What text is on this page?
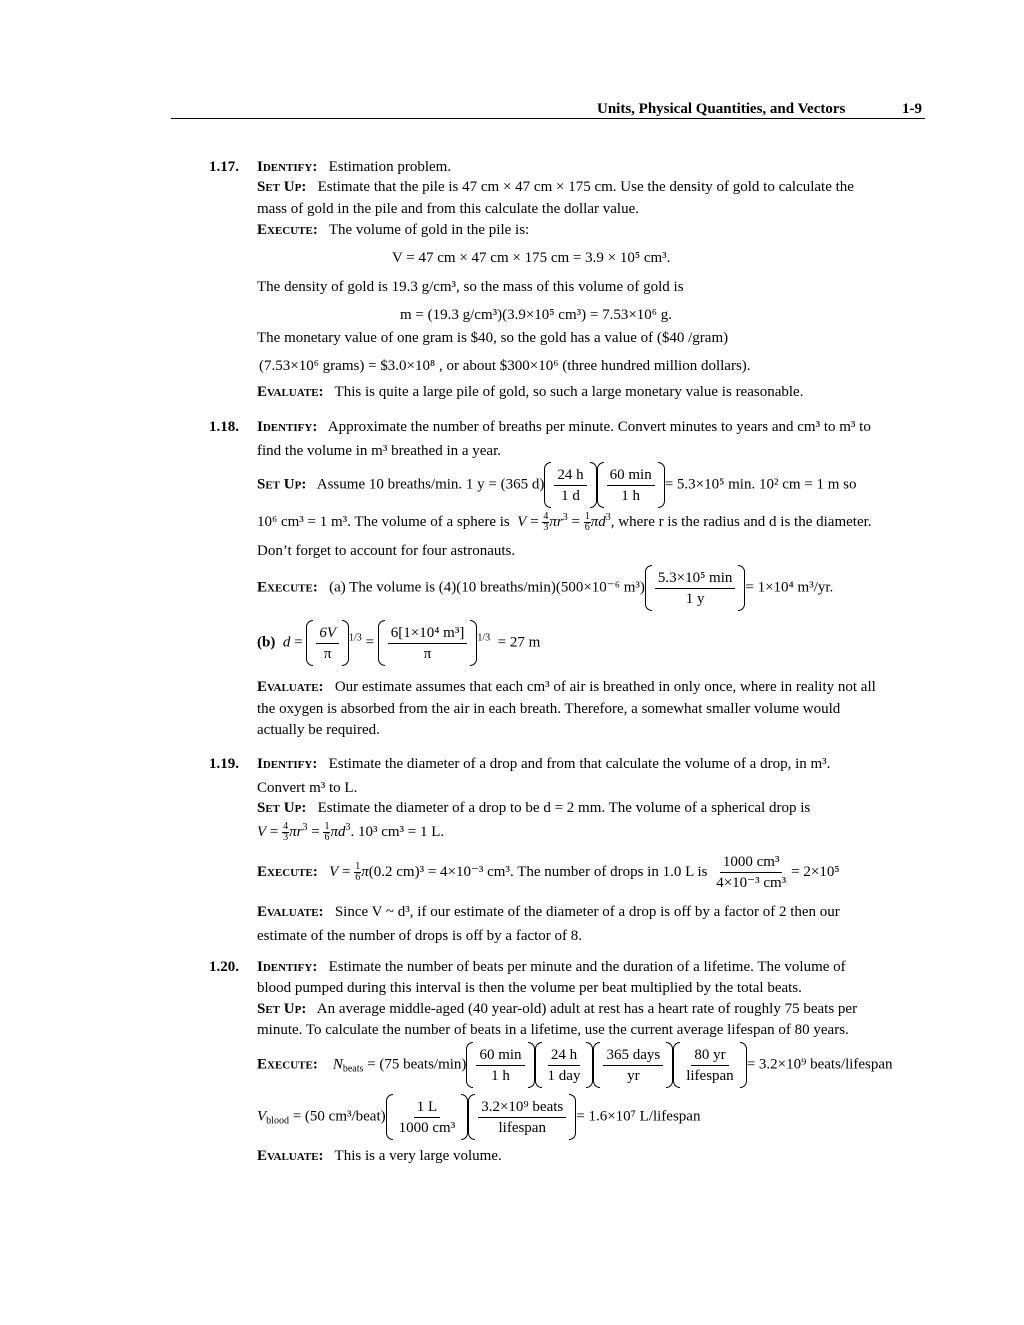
Units, Physical Quantities, and Vectors	1-9
1.17. Identify: Estimation problem.
Set Up: Estimate that the pile is 47 cm × 47 cm × 175 cm. Use the density of gold to calculate the
mass of gold in the pile and from this calculate the dollar value.
Execute: The volume of gold in the pile is:
V = 47 cm × 47 cm × 175 cm = 3.9 × 10⁵ cm³.
The density of gold is 19.3 g/cm³, so the mass of this volume of gold is
m = (19.3 g/cm³)(3.9×10⁵ cm³) = 7.53×10⁶ g.
The monetary value of one gram is $40, so the gold has a value of ($40 /gram)
(7.53×10⁶ grams) = $3.0×10⁸ , or about $300×10⁶ (three hundred million dollars).
Evaluate: This is quite a large pile of gold, so such a large monetary value is reasonable.
1.18. Identify: Approximate the number of breaths per minute. Convert minutes to years and cm³ to m³ to
find the volume in m³ breathed in a year.
Set Up: Assume 10 breaths/min. 1 y = (365 $d) \frac{24 h}{1 d} \frac{60 \min}{1 h} = 5.3\times 10^5$ min. 10² cm = 1 m so
10⁶ cm³ = 1 m³. The volume of a sphere is $V = \frac{4}{3} \pi r^3 = \frac{1}{6} \pi d^3$, where r is the radius and d is the diameter.
Don’t forget to account for four astronauts.
Execute: (a) The volume is (4)(10 breaths/min)(500×10⁻⁶ $m^3) \frac{\text{5.3×10⁵ min}}{1 y} = 1\times 10^4$ m³/yr.
(b) $d = \frac{6V}{\pi} ^{1/3} = \frac{\text{6[1×10⁴ m³]}}{\pi} ^{1/3} = 27$ m
Evaluate: Our estimate assumes that each cm³ of air is breathed in only once, where in reality not all
the oxygen is absorbed from the air in each breath. Therefore, a somewhat smaller volume would
actually be required.
1.19. Identify: Estimate the diameter of a drop and from that calculate the volume of a drop, in m³.
Convert m³ to L.
Set Up: Estimate the diameter of a drop to be d = 2 mm. The volume of a spherical drop is
$V = \frac{4}{3} \pi r^3 = \frac{1}{6} \pi d^3$. 10³ cm³ = 1 L.
Execute: $V = \frac{1}{6} \pi(0.2$ cm)³ = 4×10⁻³ cm³. The number of drops in 1.0 L is $\frac{\text{1000 cm³}}{\text{4×10⁻³ cm³}} = 2\times 10^5$
Evaluate: Since V ~ d³, if our estimate of the diameter of a drop is off by a factor of 2 then our
estimate of the number of drops is off by a factor of 8.
1.20. Identify: Estimate the number of beats per minute and the duration of a lifetime. The volume of
blood pumped during this interval is then the volume per beat multiplied by the total beats.
Set Up: An average middle-aged (40 year-old) adult at rest has a heart rate of roughly 75 beats per
minute. To calculate the number of beats in a lifetime, use the current average lifespan of 80 years.
Execute: $N_{beats} = (75$ beats/min) $\frac{60 \min}{1 h} \frac{24 h}{\text{1 day}} \frac{\text{365 days}}{yr} \frac{80 yr}{\text{lifespan}} = 3.2\times 10^9$ beats/lifespan
$V_{blood} = (50$ cm³/beat) $\frac{1 L}{\text{1000 cm³}} \frac{\text{3.2×10⁹ beats}}{\text{lifespan}} = 1.6\times 10^7$ L/lifespan
Evaluate: This is a very large volume.
